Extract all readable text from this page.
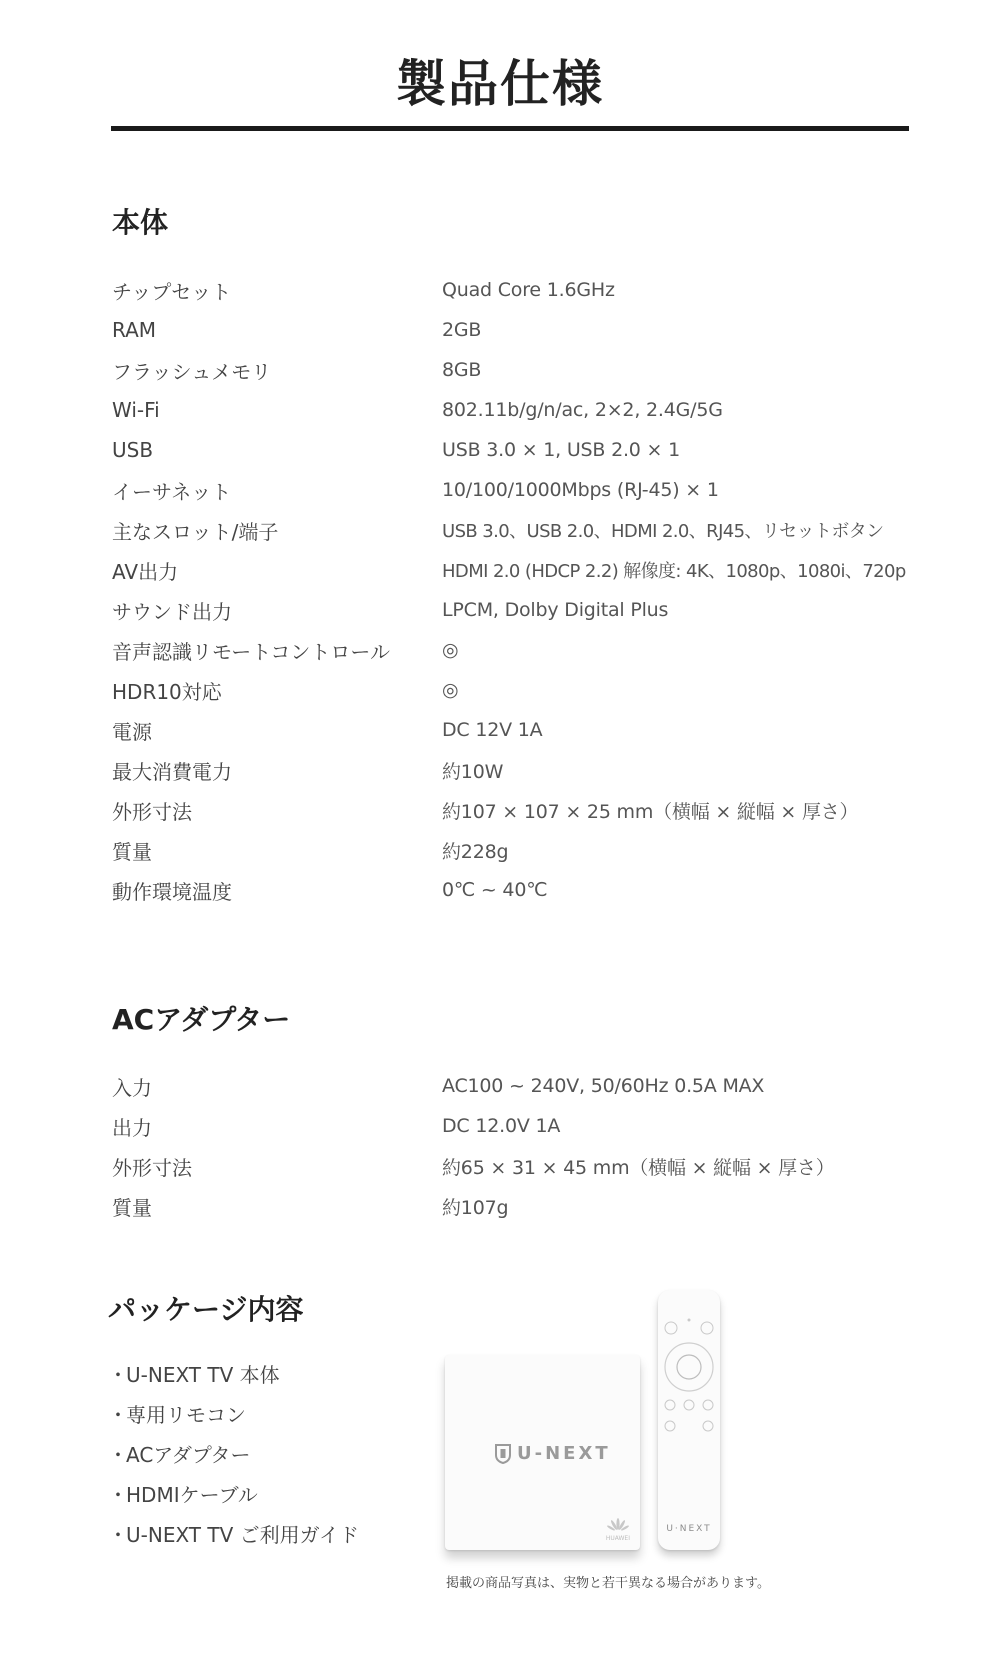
製品仕様
本体
チップセット	Quad Core 1.6GHz
RAM	2GB
フラッシュメモリ	8GB
Wi-Fi	802.11b/g/n/ac, 2×2, 2.4G/5G
USB	USB 3.0 × 1, USB 2.0 × 1
イーサネット	10/100/1000Mbps (RJ-45) × 1
主なスロット/端子	USB 3.0、USB 2.0、HDMI 2.0、RJ45、リセットボタン
AV出力	HDMI 2.0 (HDCP 2.2) 解像度: 4K、1080p、1080i、720p
サウンド出力	LPCM, Dolby Digital Plus
音声認識リモートコントロール	◎
HDR10対応	◎
電源	DC 12V 1A
最大消費電力	約10W
外形寸法	約107 × 107 × 25 mm（横幅 × 縦幅 × 厚さ）
質量	約228g
動作環境温度	0℃ ~ 40℃
ACアダプター
入力	AC100 ~ 240V, 50/60Hz 0.5A MAX
出力	DC 12.0V 1A
外形寸法	約65 × 31 × 45 mm（横幅 × 縦幅 × 厚さ）
質量	約107g
パッケージ内容
・U-NEXT TV 本体
・専用リモコン
・ACアダプター
・HDMIケーブル
・U-NEXT TV ご利用ガイド
U-NEXT
HUAWEI
U·NEXT
掲載の商品写真は、実物と若干異なる場合があります。
